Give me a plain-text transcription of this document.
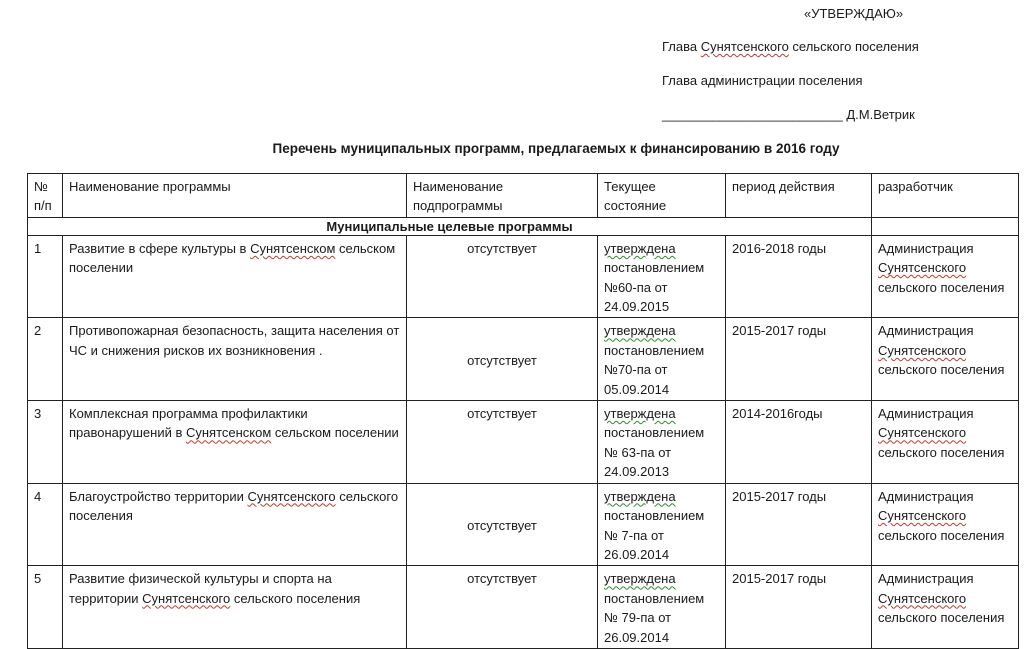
«УТВЕРЖДАЮ»
Глава Сунятсенского сельского поселения
Глава администрации поселения
_________________________ Д.М.Ветрик
Перечень муниципальных программ, предлагаемых к финансированию в 2016 году
№ п/п	Наименование программы	Наименование подпрограммы	Текущее состояние	период действия	разработчик
Муниципальные целевые программы					
1	Развитие в сфере культуры в Сунятсенском сельском поселении	отсутствует	утверждена постановлением №60-па от 24.09.2015	2016-2018 годы	Администрация Сунятсенского сельского поселения
2	Противопожарная безопасность, защита населения от ЧС и снижения рисков их возникновения .	отсутствует	утверждена постановлением №70-па от 05.09.2014	2015-2017 годы	Администрация Сунятсенского сельского поселения
3	Комплексная программа профилактики правонарушений в Сунятсенском сельском поселении	отсутствует	утверждена постановлением № 63-па от 24.09.2013	2014-2016годы	Администрация Сунятсенского сельского поселения
4	Благоустройство территории Сунятсенского сельского поселения	отсутствует	утверждена постановлением № 7-па от 26.09.2014	2015-2017 годы	Администрация Сунятсенского сельского поселения
5	Развитие физической культуры и спорта на территории Сунятсенского сельского поселения	отсутствует	утверждена постановлением № 79-па от 26.09.2014	2015-2017 годы	Администрация Сунятсенского сельского поселения
